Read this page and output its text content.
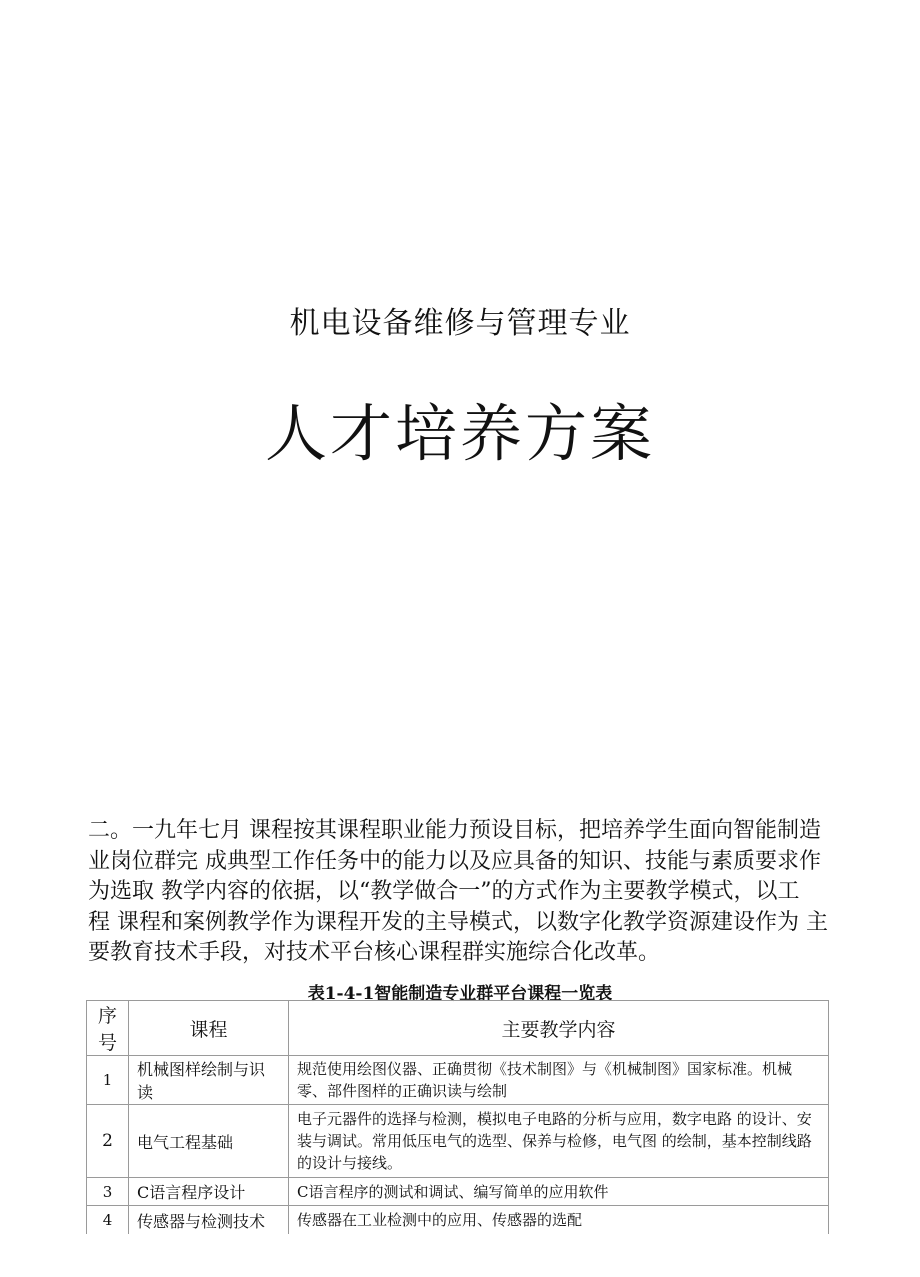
机电设备维修与管理专业
人才培养方案
二。一九年七月 课程按其课程职业能力预设目标，把培养学生面向智能制造
业岗位群完 成典型工作任务中的能力以及应具备的知识、技能与素质要求作
为选取 教学内容的依据，以“教学做合一”的方式作为主要教学模式，以工
程 课程和案例教学作为课程开发的主导模式，以数字化教学资源建设作为 主
要教育技术手段，对技术平台核心课程群实施综合化改革。
表1-4-1智能制造专业群平台课程一览表
序号	课程	主要教学内容
1	机械图样绘制与识读	规范使用绘图仪器、正确贯彻《技术制图》与《机械制图》国家标准。机械零、部件图样的正确识读与绘制
2	电气工程基础	电子元器件的选择与检测，模拟电子电路的分析与应用，数字电路 的设计、安装与调试。常用低压电气的选型、保养与检修，电气图 的绘制，基本控制线路的设计与接线。
3	C语言程序设计	C语言程序的测试和调试、编写简单的应用软件
4	传感器与检测技术	传感器在工业检测中的应用、传感器的选配
